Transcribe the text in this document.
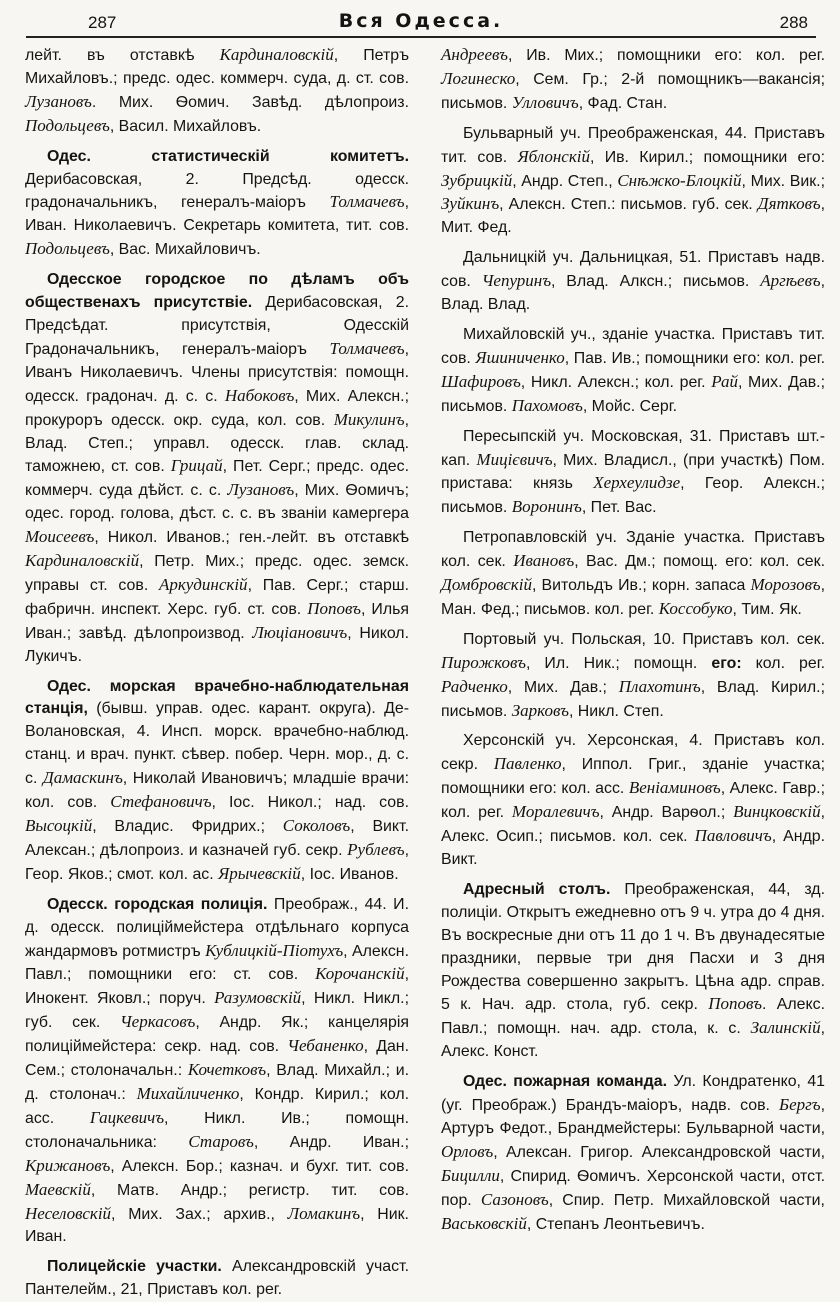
287	Вся Одесса.	288

лейт. въ отставкѣ Кардиналовскій, Петръ Михайловъ.; предс. одес. коммерч. суда, д. ст. сов. Лузановъ. Мих. Ѳомич. Завѣд. дѣлопроиз. Подольцевъ, Васил. Михайловъ.

Одес. статистическій комитетъ. Дерибасовская, 2. Предсѣд. одесск. градоначальникъ, генералъ-маіоръ Толмачевъ, Иван. Николаевичъ. Секретарь комитета, тит. сов. Подольцевъ, Вас. Михайловичъ.

Одесское городское по дѣламъ объ общественахъ присутствіе. Дерибасовская, 2. Предсѣдат. присутствія, Одесскій Градоначальникъ, генералъ-маіоръ Толмачевъ, Иванъ Николаевичъ. Члены присутствія: помощн. одесск. градонач. д. с. с. Набоковъ, Мих. Алексн.; прокуроръ одесск. окр. суда, кол. сов. Микулинъ, Влад. Степ.; управл. одесск. глав. склад. таможнею, ст. сов. Грицай, Пет. Серг.; предс. одес. коммерч. суда дѣйст. с. с. Лузановъ, Мих. Ѳомичъ; одес. город. голова, дѣст. с. с. въ званіи камергера Моисеевъ, Никол. Иванов.; ген.-лейт. въ отставкѣ Кардиналовскій, Петр. Мих.; предс. одес. земск. управы ст. сов. Аркудинскій, Пав. Серг.; старш. фабричн. инспект. Херс. губ. ст. сов. Поповъ, Илья Иван.; завѣд. дѣлопроизвод. Люціановичъ, Никол. Лукичъ.

Одес. морская врачебно-наблюдательная станція, (бывш. управ. одес. карант. округа). Де-Волановская, 4. Инсп. морск. врачебно-наблюд. станц. и врач. пункт. сѣвер. побер. Черн. мор., д. с. с. Дамаскинъ, Николай Ивановичъ; младшіе врачи: кол. сов. Стефановичъ, Іос. Никол.; над. сов. Высоцкій, Владис. Фридрих.; Соколовъ, Викт. Алексан.; дѣлопроиз. и казначей губ. секр. Рублевъ, Геор. Яков.; смот. кол. ас. Ярычевскій, Іос. Иванов.

Одесск. городская полиція. Преображ., 44. И. д. одесск. полиціймейстера отдѣльнаго корпуса жандармовъ ротмистръ Кублицкій-Піотухъ, Алексн. Павл.; помощники его: ст. сов. Корочанскій, Инокент. Яковл.; поруч. Разумовскій, Никл. Никл.; губ. сек. Черкасовъ, Андр. Як.; канцелярія полиціймейстера: секр. над. сов. Чебаненко, Дан. Сем.; столоначальн.: Кочетковъ, Влад. Михайл.; и. д. столонач.: Михайличенко, Кондр. Кирил.; кол. асс. Гацкевичъ, Никл. Ив.; помощн. столоначальника: Старовъ, Андр. Иван.; Крижановъ, Алексн. Бор.; казнач. и бухг. тит. сов. Маевскій, Матв. Андр.; регистр. тит. сов. Неселовскій, Мих. Зах.; архив., Ломакинъ, Ник. Иван.

Полицейскіе участки. Александровскій участ. Пантелейм., 21, Приставъ кол. рег.

Андреевъ, Ив. Мих.; помощники его: кол. рег. Логинеско, Сем. Гр.; 2-й помощникъ—вакансія; письмов. Улловичъ, Фад. Стан.

Бульварный уч. Преображенская, 44. Приставъ тит. сов. Яблонскій, Ив. Кирил.; помощники его: Зубрицкій, Андр. Степ., Снѣжко-Блоцкій, Мих. Вик.; Зуйкинъ, Алексн. Степ.: письмов. губ. сек. Дятковъ, Мит. Фед.

Дальницкій уч. Дальницкая, 51. Приставъ надв. сов. Чепуринъ, Влад. Алксн.; письмов. Аргѣевъ, Влад. Влад.

Михайловскій уч., зданіе участка. Приставъ тит. сов. Яшиниченко, Пав. Ив.; помощники его: кол. рег. Шафировъ, Никл. Алексн.; кол. рег. Рай, Мих. Дав.; письмов. Пахомовъ, Мойс. Серг.

Пересыпскій уч. Московская, 31. Приставъ шт.-кап. Мицієвичъ, Мих. Владисл., (при участкѣ) Пом. пристава: князь Херхеулидзе, Геор. Алексн.; письмов. Воронинъ, Пет. Вас.

Петропавловскій уч. Зданіе участка. Приставъ кол. сек. Ивановъ, Вас. Дм.; помощ. его: кол. сек. Домбровскій, Витольдъ Ив.; корн. запаса Морозовъ, Ман. Фед.; письмов. кол. рег. Коссобуко, Тим. Як.

Портовый уч. Польская, 10. Приставъ кол. сек. Пирожковъ, Ил. Ник.; помощн. его: кол. рег. Радченко, Мих. Дав.; Плахотинъ, Влад. Кирил.; письмов. Зарковъ, Никл. Степ.

Херсонскій уч. Херсонская, 4. Приставъ кол. секр. Павленко, Иппол. Григ., зданіе участка; помощники его: кол. асс. Веніаминовъ, Алекс. Гавр.; кол. рег. Моралевичъ, Андр. Варѳол.; Винцковскій, Алекс. Осип.; письмов. кол. сек. Павловичъ, Андр. Викт.

Адресный столъ. Преображенская, 44, зд. полиціи. Открытъ ежедневно отъ 9 ч. утра до 4 дня. Въ воскресные дни отъ 11 до 1 ч. Въ двунадесятые праздники, первые три дня Пасхи и 3 дня Рождества совершенно закрытъ. Цѣна адр. справ. 5 к. Нач. адр. стола, губ. секр. Поповъ. Алекс. Павл.; помощн. нач. адр. стола, к. с. Залинскій, Алекс. Конст.

Одес. пожарная команда. Ул. Кондратенко, 41 (уг. Преображ.) Брандъ-маіоръ, надв. сов. Бергъ, Артуръ Федот., Брандмейстеры: Бульварной части, Орловъ, Алексан. Григор. Александровской части, Бицилли, Спирид. Ѳомичъ. Херсонской части, отст. пор. Сазоновъ, Спир. Петр. Михайловской части, Васьковскій, Степанъ Леонтьевичъ.
